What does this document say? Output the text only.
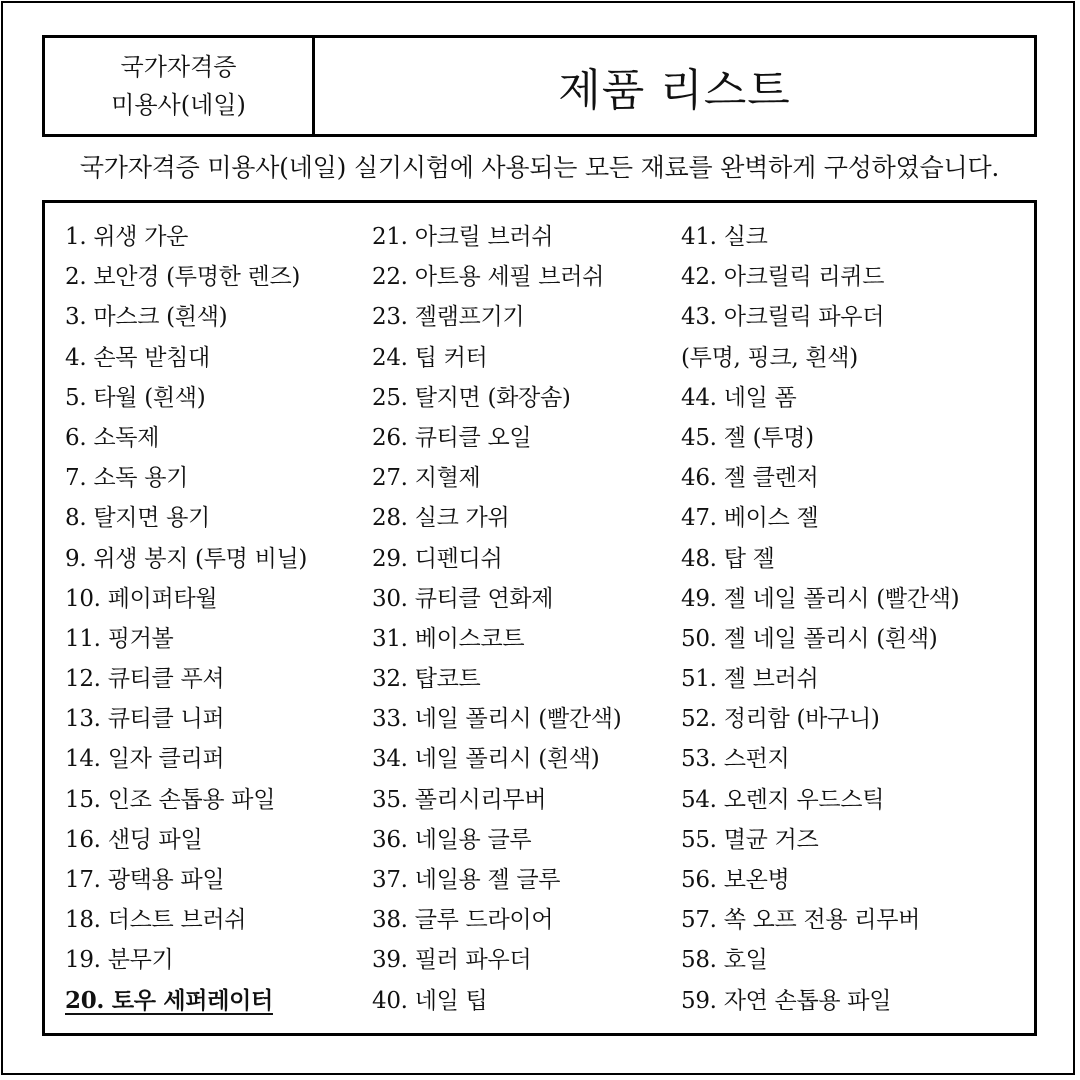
국가자격증
미용사(네일)	제품 리스트
국가자격증 미용사(네일) 실기시험에 사용되는 모든 재료를 완벽하게 구성하였습니다.
1. 위생 가운
2. 보안경 (투명한 렌즈)
3. 마스크 (흰색)
4. 손목 받침대
5. 타월 (흰색)
6. 소독제
7. 소독 용기
8. 탈지면 용기
9. 위생 봉지 (투명 비닐)
10. 페이퍼타월
11. 핑거볼
12. 큐티클 푸셔
13. 큐티클 니퍼
14. 일자 클리퍼
15. 인조 손톱용 파일
16. 샌딩 파일
17. 광택용 파일
18. 더스트 브러쉬
19. 분무기
20. 토우 세퍼레이터
21. 아크릴 브러쉬
22. 아트용 세필 브러쉬
23. 젤램프기기
24. 팁 커터
25. 탈지면 (화장솜)
26. 큐티클 오일
27. 지혈제
28. 실크 가위
29. 디펜디쉬
30. 큐티클 연화제
31. 베이스코트
32. 탑코트
33. 네일 폴리시 (빨간색)
34. 네일 폴리시 (흰색)
35. 폴리시리무버
36. 네일용 글루
37. 네일용 젤 글루
38. 글루 드라이어
39. 필러 파우더
40. 네일 팁
41. 실크
42. 아크릴릭 리퀴드
43. 아크릴릭 파우더
(투명, 핑크, 흰색)
44. 네일 폼
45. 젤 (투명)
46. 젤 클렌저
47. 베이스 젤
48. 탑 젤
49. 젤 네일 폴리시 (빨간색)
50. 젤 네일 폴리시 (흰색)
51. 젤 브러쉬
52. 정리함 (바구니)
53. 스펀지
54. 오렌지 우드스틱
55. 멸균 거즈
56. 보온병
57. 쏙 오프 전용 리무버
58. 호일
59. 자연 손톱용 파일
